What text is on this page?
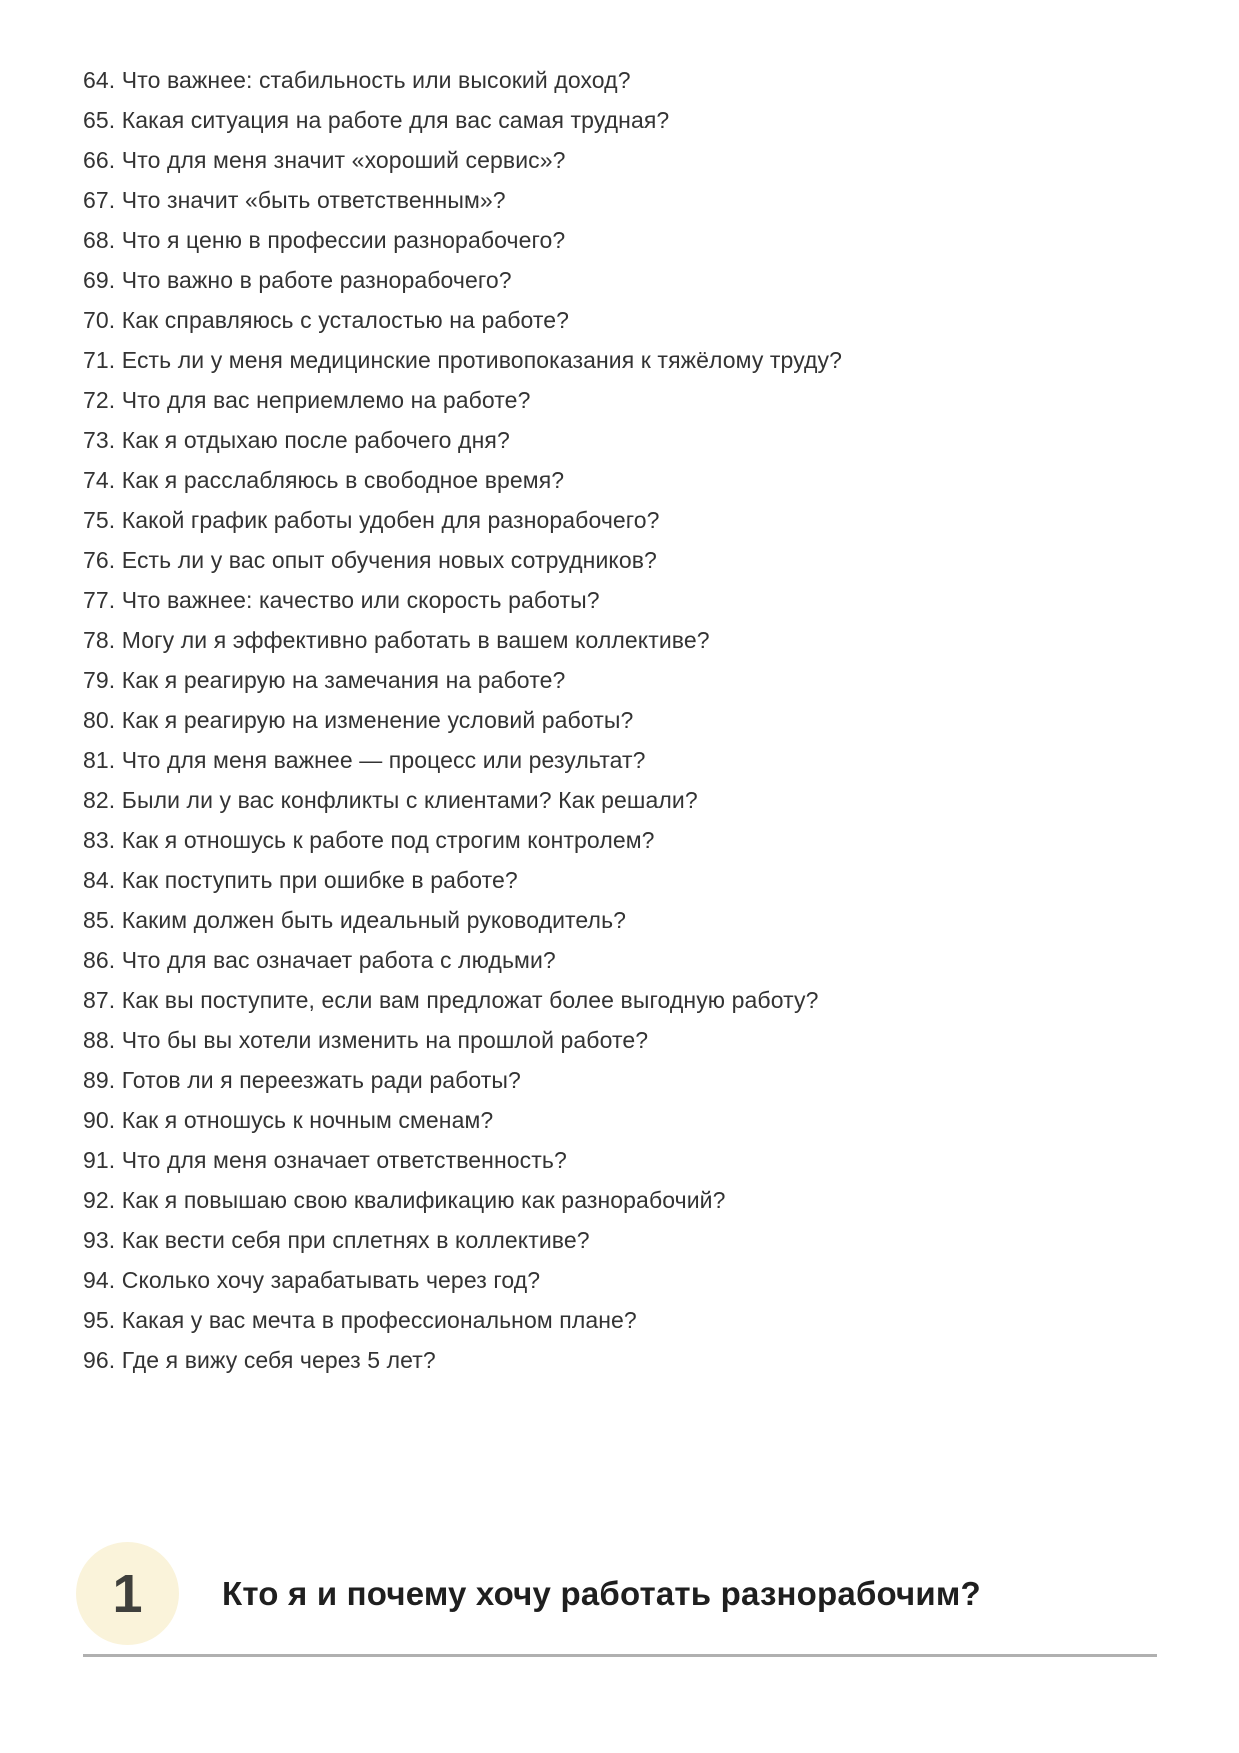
64. Что важнее: стабильность или высокий доход?
65. Какая ситуация на работе для вас самая трудная?
66. Что для меня значит «хороший сервис»?
67. Что значит «быть ответственным»?
68. Что я ценю в профессии разнорабочего?
69. Что важно в работе разнорабочего?
70. Как справляюсь с усталостью на работе?
71. Есть ли у меня медицинские противопоказания к тяжёлому труду?
72. Что для вас неприемлемо на работе?
73. Как я отдыхаю после рабочего дня?
74. Как я расслабляюсь в свободное время?
75. Какой график работы удобен для разнорабочего?
76. Есть ли у вас опыт обучения новых сотрудников?
77. Что важнее: качество или скорость работы?
78. Могу ли я эффективно работать в вашем коллективе?
79. Как я реагирую на замечания на работе?
80. Как я реагирую на изменение условий работы?
81. Что для меня важнее — процесс или результат?
82. Были ли у вас конфликты с клиентами? Как решали?
83. Как я отношусь к работе под строгим контролем?
84. Как поступить при ошибке в работе?
85. Каким должен быть идеальный руководитель?
86. Что для вас означает работа с людьми?
87. Как вы поступите, если вам предложат более выгодную работу?
88. Что бы вы хотели изменить на прошлой работе?
89. Готов ли я переезжать ради работы?
90. Как я отношусь к ночным сменам?
91. Что для меня означает ответственность?
92. Как я повышаю свою квалификацию как разнорабочий?
93. Как вести себя при сплетнях в коллективе?
94. Сколько хочу зарабатывать через год?
95. Какая у вас мечта в профессиональном плане?
96. Где я вижу себя через 5 лет?
1 Кто я и почему хочу работать разнорабочим?
